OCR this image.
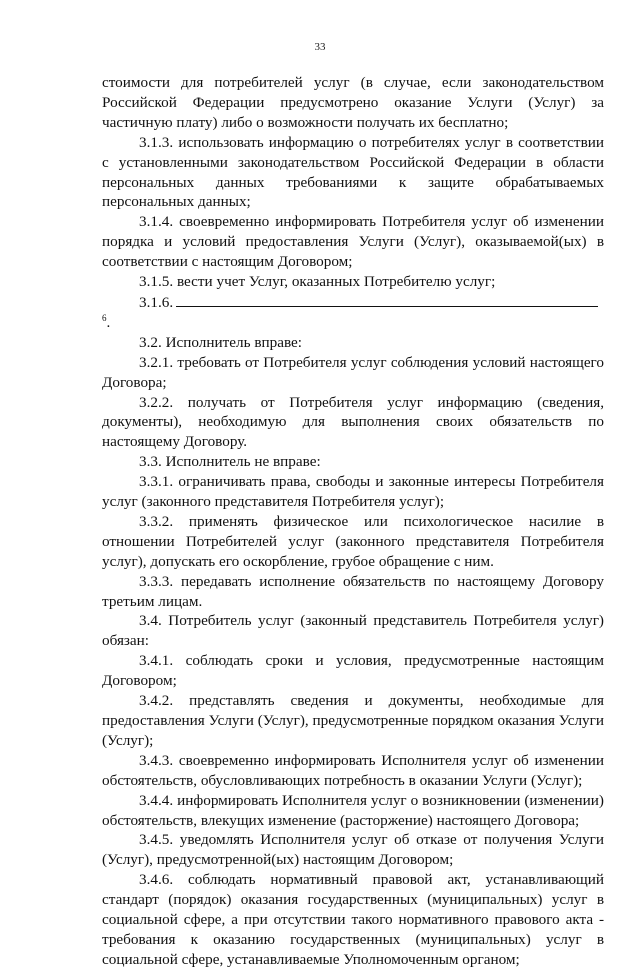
33

стоимости для потребителей услуг (в случае, если законодательством Российской Федерации предусмотрено оказание Услуги (Услуг) за частичную плату) либо о возможности получать их бесплатно;

3.1.3. использовать информацию о потребителях услуг в соответствии с установленными законодательством Российской Федерации в области персональных данных требованиями к защите обрабатываемых персональных данных;

3.1.4. своевременно информировать Потребителя услуг об изменении порядка и условий предоставления Услуги (Услуг), оказываемой(ых) в соответствии с настоящим Договором;

3.1.5. вести учет Услуг, оказанных Потребителю услуг;

3.1.6.$^6$.

3.2. Исполнитель вправе:

3.2.1. требовать от Потребителя услуг соблюдения условий настоящего Договора;

3.2.2. получать от Потребителя услуг информацию (сведения, документы), необходимую для выполнения своих обязательств по настоящему Договору.

3.3. Исполнитель не вправе:

3.3.1. ограничивать права, свободы и законные интересы Потребителя услуг (законного представителя Потребителя услуг);

3.3.2. применять физическое или психологическое насилие в отношении Потребителей услуг (законного представителя Потребителя услуг), допускать его оскорбление, грубое обращение с ним.

3.3.3. передавать исполнение обязательств по настоящему Договору третьим лицам.

3.4. Потребитель услуг (законный представитель Потребителя услуг) обязан:

3.4.1. соблюдать сроки и условия, предусмотренные настоящим Договором;

3.4.2. представлять сведения и документы, необходимые для предоставления Услуги (Услуг), предусмотренные порядком оказания Услуги (Услуг);

3.4.3. своевременно информировать Исполнителя услуг об изменении обстоятельств, обусловливающих потребность в оказании Услуги (Услуг);

3.4.4. информировать Исполнителя услуг о возникновении (изменении) обстоятельств, влекущих изменение (расторжение) настоящего Договора;

3.4.5. уведомлять Исполнителя услуг об отказе от получения Услуги (Услуг), предусмотренной(ых) настоящим Договором;

3.4.6. соблюдать нормативный правовой акт, устанавливающий стандарт (порядок) оказания государственных (муниципальных) услуг в социальной сфере, а при отсутствии такого нормативного правового акта - требования к оказанию государственных (муниципальных) услуг в социальной сфере, устанавливаемые Уполномоченным органом;
